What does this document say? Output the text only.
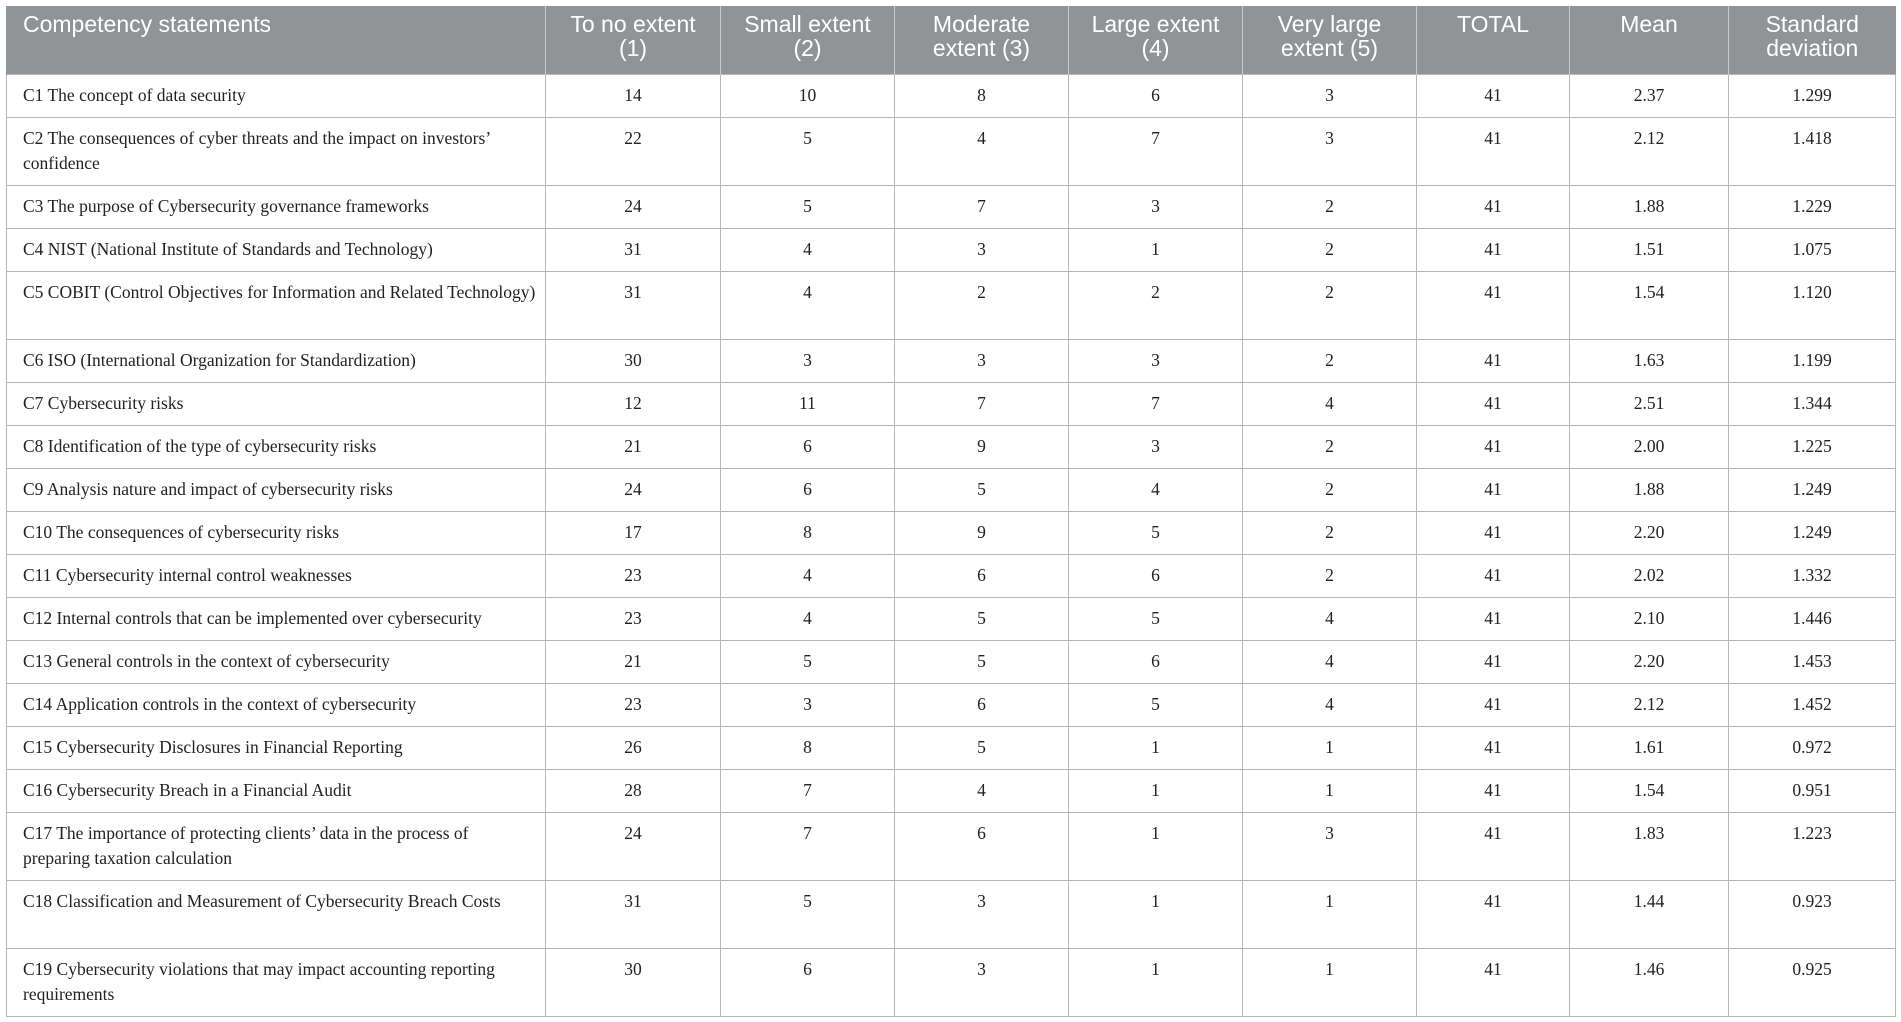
Competency statements	To no extent (1)	Small extent (2)	Moderate extent (3)	Large extent (4)	Very large extent (5)	TOTAL	Mean	Standard deviation
C1 The concept of data security	14	10	8	6	3	41	2.37	1.299
C2 The consequences of cyber threats and the impact on investors’ confidence	22	5	4	7	3	41	2.12	1.418
C3 The purpose of Cybersecurity governance frameworks	24	5	7	3	2	41	1.88	1.229
C4 NIST (National Institute of Standards and Technology)	31	4	3	1	2	41	1.51	1.075
C5 COBIT (Control Objectives for Information and Related Technology)	31	4	2	2	2	41	1.54	1.120
C6 ISO (International Organization for Standardization)	30	3	3	3	2	41	1.63	1.199
C7 Cybersecurity risks	12	11	7	7	4	41	2.51	1.344
C8 Identification of the type of cybersecurity risks	21	6	9	3	2	41	2.00	1.225
C9 Analysis nature and impact of cybersecurity risks	24	6	5	4	2	41	1.88	1.249
C10 The consequences of cybersecurity risks	17	8	9	5	2	41	2.20	1.249
C11 Cybersecurity internal control weaknesses	23	4	6	6	2	41	2.02	1.332
C12 Internal controls that can be implemented over cybersecurity	23	4	5	5	4	41	2.10	1.446
C13 General controls in the context of cybersecurity	21	5	5	6	4	41	2.20	1.453
C14 Application controls in the context of cybersecurity	23	3	6	5	4	41	2.12	1.452
C15 Cybersecurity Disclosures in Financial Reporting	26	8	5	1	1	41	1.61	0.972
C16 Cybersecurity Breach in a Financial Audit	28	7	4	1	1	41	1.54	0.951
C17 The importance of protecting clients’ data in the process of preparing taxation calculation	24	7	6	1	3	41	1.83	1.223
C18 Classification and Measurement of Cybersecurity Breach Costs	31	5	3	1	1	41	1.44	0.923
C19 Cybersecurity violations that may impact accounting reporting requirements	30	6	3	1	1	41	1.46	0.925
